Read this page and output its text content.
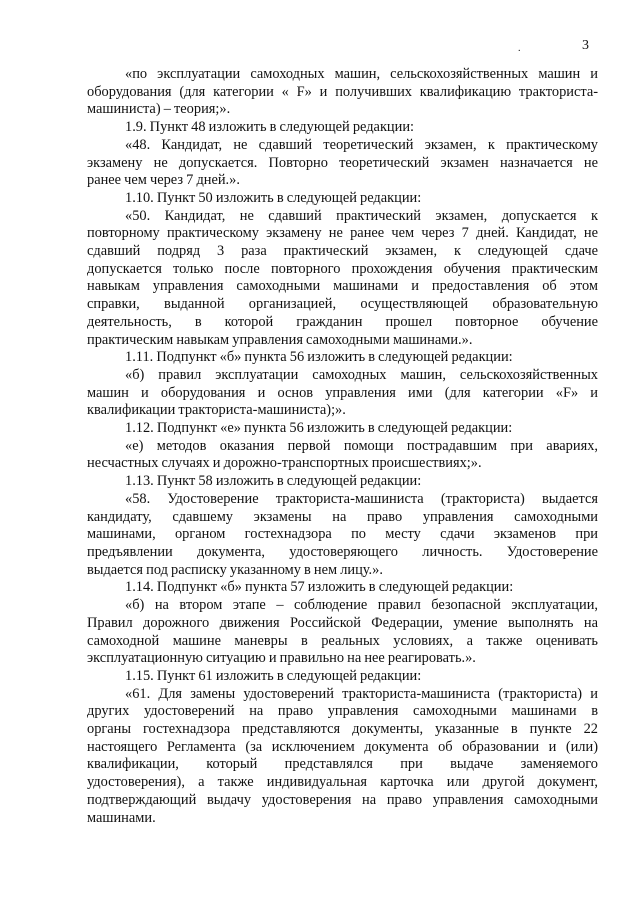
.	3

«по эксплуатации самоходных машин, сельскохозяйственных машин и

оборудования (для категории « F» и получивших квалификацию тракториста-

машиниста) – теория;».

1.9. Пункт 48 изложить в следующей редакции:

«48. Кандидат, не сдавший теоретический экзамен, к практическому

экзамену не допускается. Повторно теоретический экзамен назначается не

ранее чем через 7 дней.».

1.10. Пункт 50 изложить в следующей редакции:

«50. Кандидат, не сдавший практический экзамен, допускается к

повторному практическому экзамену не ранее чем через 7 дней. Кандидат, не

сдавший подряд 3 раза практический экзамен, к следующей сдаче

допускается только после повторного прохождения обучения практическим

навыкам управления самоходными машинами и предоставления об этом

справки, выданной организацией, осуществляющей образовательную

деятельность, в которой гражданин прошел повторное обучение

практическим навыкам управления самоходными машинами.».

1.11. Подпункт «б» пункта 56 изложить в следующей редакции:

«б) правил эксплуатации самоходных машин, сельскохозяйственных

машин и оборудования и основ управления ими (для категории «F» и

квалификации тракториста-машиниста);».

1.12. Подпункт «е» пункта 56 изложить в следующей редакции:

«е) методов оказания первой помощи пострадавшим при авариях,

несчастных случаях и дорожно-транспортных происшествиях;».

1.13. Пункт 58 изложить в следующей редакции:

«58. Удостоверение тракториста-машиниста (тракториста) выдается

кандидату, сдавшему экзамены на право управления самоходными

машинами, органом гостехнадзора по месту сдачи экзаменов при

предъявлении документа, удостоверяющего личность. Удостоверение

выдается под расписку указанному в нем лицу.».

1.14. Подпункт «б» пункта 57 изложить в следующей редакции:

«б) на втором этапе – соблюдение правил безопасной эксплуатации,

Правил дорожного движения Российской Федерации, умение выполнять на

самоходной машине маневры в реальных условиях, а также оценивать

эксплуатационную ситуацию и правильно на нее реагировать.».

1.15. Пункт 61 изложить в следующей редакции:

«61. Для замены удостоверений тракториста-машиниста (тракториста) и

других удостоверений на право управления самоходными машинами в

органы гостехнадзора представляются документы, указанные в пункте 22

настоящего Регламента (за исключением документа об образовании и (или)

квалификации, который представлялся при выдаче заменяемого

удостоверения), а также индивидуальная карточка или другой документ,

подтверждающий выдачу удостоверения на право управления самоходными

машинами.
